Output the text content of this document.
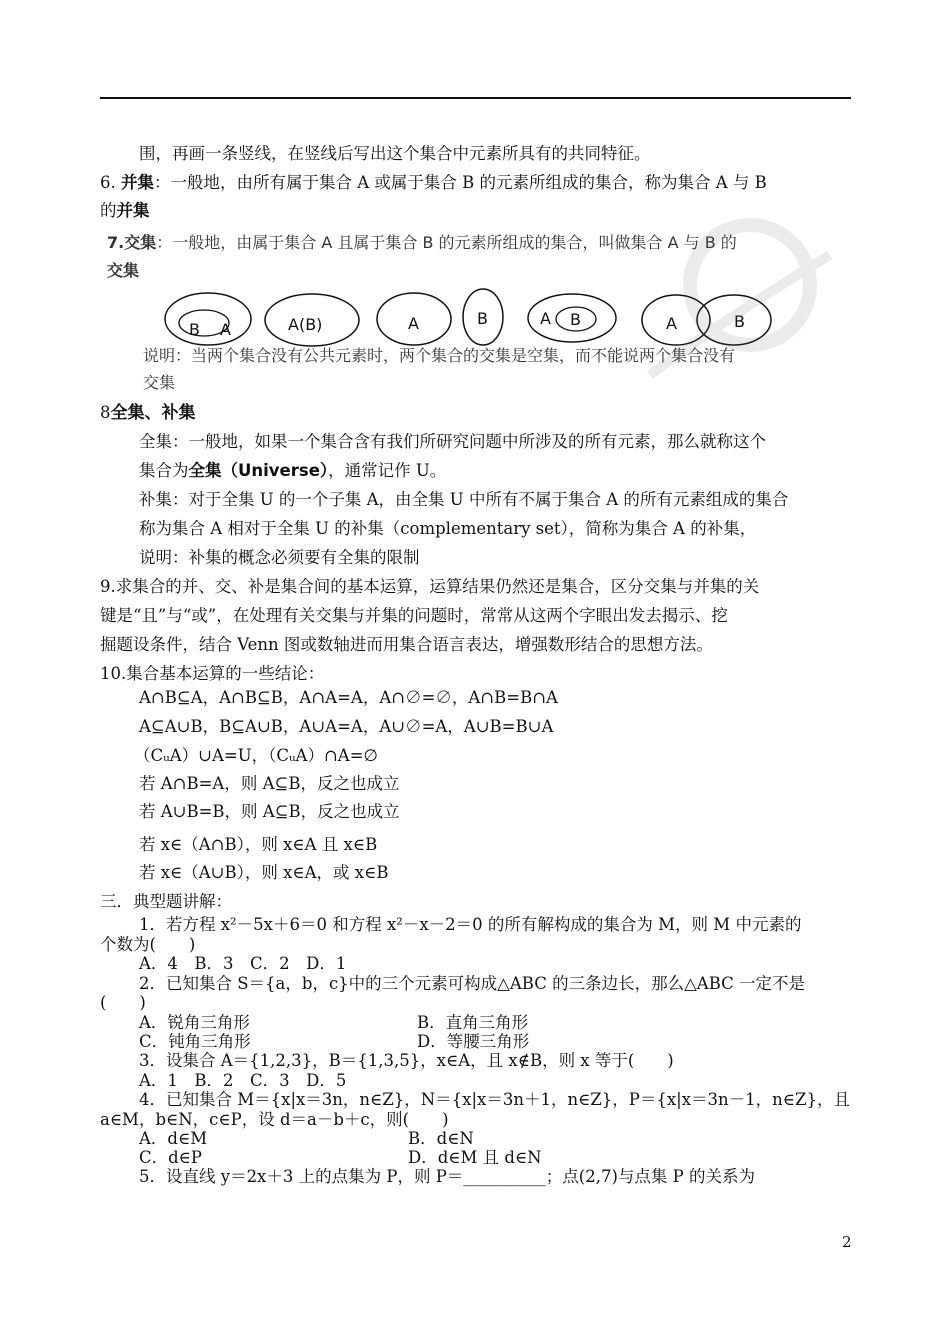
围，再画一条竖线，在竖线后写出这个集合中元素所具有的共同特征。
6. 并集：一般地，由所有属于集合 A 或属于集合 B 的元素所组成的集合，称为集合 A 与 B
的并集
7.交集：一般地，由属于集合 A 且属于集合 B 的元素所组成的集合，叫做集合 A 与 B 的
交集
B A	A(B)	A	B	A B	A	B
说明：当两个集合没有公共元素时，两个集合的交集是空集，而不能说两个集合没有
交集
8全集、补集
全集：一般地，如果一个集合含有我们所研究问题中所涉及的所有元素，那么就称这个
集合为全集（Universe），通常记作 U。
补集：对于全集 U 的一个子集 A，由全集 U 中所有不属于集合 A 的所有元素组成的集合
称为集合 A 相对于全集 U 的补集（complementary set），简称为集合 A 的补集，
说明：补集的概念必须要有全集的限制
9.求集合的并、交、补是集合间的基本运算，运算结果仍然还是集合，区分交集与并集的关
键是“且”与“或”，在处理有关交集与并集的问题时，常常从这两个字眼出发去揭示、挖
掘题设条件，结合 Venn 图或数轴进而用集合语言表达，增强数形结合的思想方法。
10.集合基本运算的一些结论：
A∩B⊆A，A∩B⊆B，A∩A=A，A∩∅=∅，A∩B=B∩A
A⊆A∪B，B⊆A∪B，A∪A=A，A∪∅=A，A∪B=B∪A
（CᵤA）∪A=U，（CᵤA）∩A=∅
若 A∩B=A，则 A⊆B，反之也成立
若 A∪B=B，则 A⊆B，反之也成立
若 x∈（A∩B），则 x∈A 且 x∈B
若 x∈（A∪B），则 x∈A，或 x∈B
三．典型题讲解：
1．若方程 x²－5x＋6＝0 和方程 x²－x－2＝0 的所有解构成的集合为 M，则 M 中元素的
个数为(　　)
A．4　B．3　C．2　D．1
2．已知集合 S＝{a，b，c}中的三个元素可构成△ABC 的三条边长，那么△ABC 一定不是
(　　)
A．锐角三角形	B．直角三角形
C．钝角三角形	D．等腰三角形
3．设集合 A＝{1,2,3}，B＝{1,3,5}，x∈A，且 x∉B，则 x 等于(　　)
A．1　B．2　C．3　D．5
4．已知集合 M＝{x|x＝3n，n∈Z}，N＝{x|x＝3n＋1，n∈Z}，P＝{x|x＝3n－1，n∈Z}，且
a∈M，b∈N，c∈P，设 d＝a－b＋c，则(　　)
A．d∈M	B．d∈N
C．d∈P	D．d∈M 且 d∈N
5．设直线 y＝2x＋3 上的点集为 P，则 P＝__________；点(2,7)与点集 P 的关系为
2
